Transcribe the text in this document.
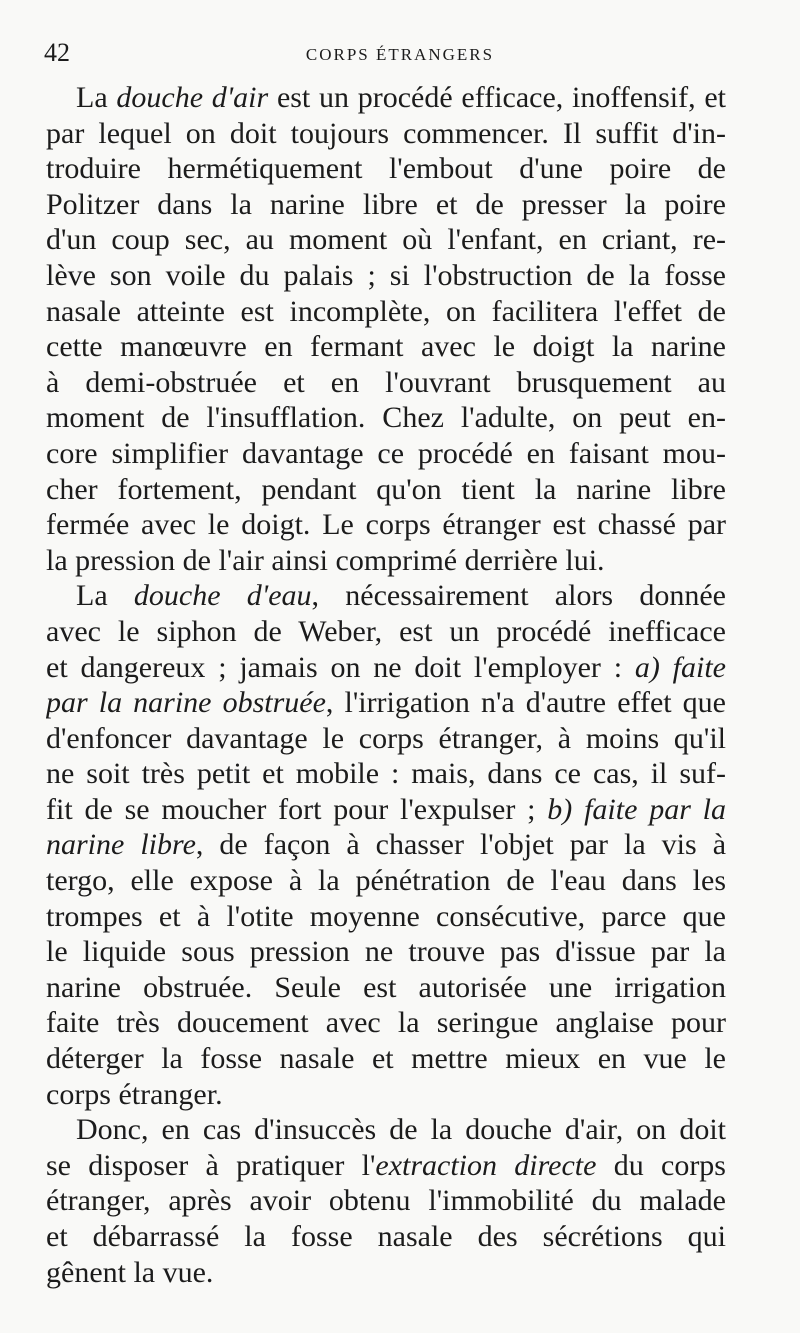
42	CORPS ÉTRANGERS
La douche d'air est un procédé efficace, inoffensif, et
par lequel on doit toujours commencer. Il suffit d'in-
troduire hermétiquement l'embout d'une poire de
Politzer dans la narine libre et de presser la poire
d'un coup sec, au moment où l'enfant, en criant, re-
lève son voile du palais ; si l'obstruction de la fosse
nasale atteinte est incomplète, on facilitera l'effet de
cette manœuvre en fermant avec le doigt la narine
à demi-obstruée et en l'ouvrant brusquement au
moment de l'insufflation. Chez l'adulte, on peut en-
core simplifier davantage ce procédé en faisant mou-
cher fortement, pendant qu'on tient la narine libre
fermée avec le doigt. Le corps étranger est chassé par
la pression de l'air ainsi comprimé derrière lui.
La douche d'eau, nécessairement alors donnée
avec le siphon de Weber, est un procédé inefficace
et dangereux ; jamais on ne doit l'employer : a) faite
par la narine obstruée, l'irrigation n'a d'autre effet que
d'enfoncer davantage le corps étranger, à moins qu'il
ne soit très petit et mobile : mais, dans ce cas, il suf-
fit de se moucher fort pour l'expulser ; b) faite par la
narine libre, de façon à chasser l'objet par la vis à
tergo, elle expose à la pénétration de l'eau dans les
trompes et à l'otite moyenne consécutive, parce que
le liquide sous pression ne trouve pas d'issue par la
narine obstruée. Seule est autorisée une irrigation
faite très doucement avec la seringue anglaise pour
déterger la fosse nasale et mettre mieux en vue le
corps étranger.
Donc, en cas d'insuccès de la douche d'air, on doit
se disposer à pratiquer l'extraction directe du corps
étranger, après avoir obtenu l'immobilité du malade
et débarrassé la fosse nasale des sécrétions qui
gênent la vue.
